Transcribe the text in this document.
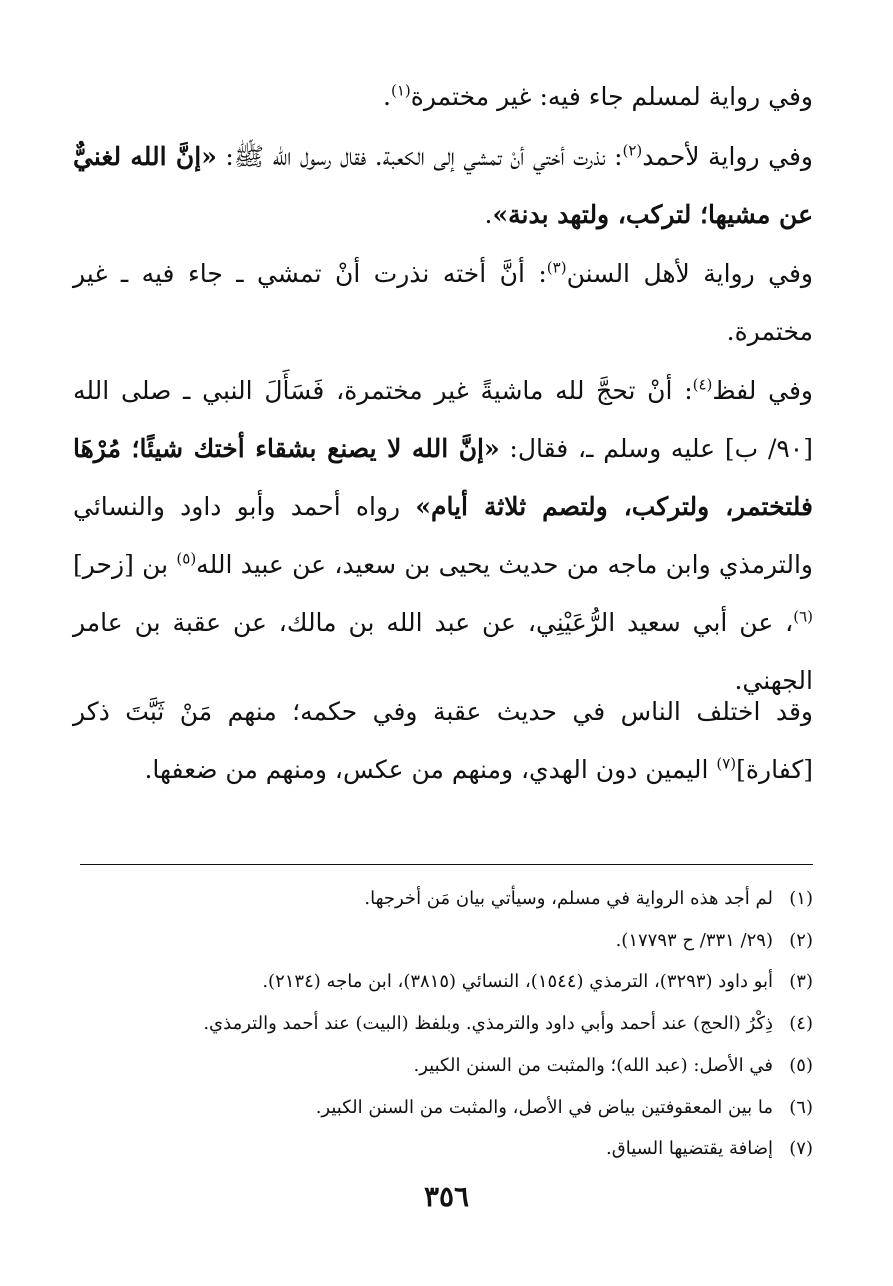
وفي رواية لمسلم جاء فيه: غير مختمرة$^{(١)}$.

وفي رواية لأحمد$^{(٢)}$: نذرت أختي أنْ تمشي إلى الكعبة. فقال رسول الله ﷺ: «إنَّ الله لغنيٌّ عن مشيها؛ لتركب، ولتهد بدنة».

وفي رواية لأهل السنن$^{(٣)}$: أنَّ أخته نذرت أنْ تمشي ـ جاء فيه ـ غير مختمرة.

وفي لفظ$^{(٤)}$: أنْ تحجَّ لله ماشيةً غير مختمرة، فَسَأَلَ النبي ـ صلى الله [٩٠/ ب] عليه وسلم ـ، فقال: «إنَّ الله لا يصنع بشقاء أختك شيئًا؛ مُرْهَا فلتختمر، ولتركب، ولتصم ثلاثة أيام» رواه أحمد وأبو داود والنسائي والترمذي وابن ماجه من حديث يحيى بن سعيد، عن عبيد الله$^{(٥)}$ بن [زحر]$^{(٦)}$، عن أبي سعيد الرُّعَيْنِي، عن عبد الله بن مالك، عن عقبة بن عامر الجهني.

وقد اختلف الناس في حديث عقبة وفي حكمه؛ منهم مَنْ ثَبَّتَ ذكر [كفارة]$^{(٧)}$ اليمين دون الهدي، ومنهم من عكس، ومنهم من ضعفها.

(١)
لم أجد هذه الرواية في مسلم، وسيأتي بيان مَن أخرجها.
(٢)
(٢٩/ ٣٣١/ ح ١٧٧٩٣).
(٣)
أبو داود (٣٢٩٣)، الترمذي (١٥٤٤)، النسائي (٣٨١٥)، ابن ماجه (٢١٣٤).
(٤)
ذِكْرُ (الحج) عند أحمد وأبي داود والترمذي. وبلفظ (البيت) عند أحمد والترمذي.
(٥)
في الأصل: (عبد الله)؛ والمثبت من السنن الكبير.
(٦)
ما بين المعقوفتين بياض في الأصل، والمثبت من السنن الكبير.
(٧)
إضافة يقتضيها السياق.
٣٥٦
